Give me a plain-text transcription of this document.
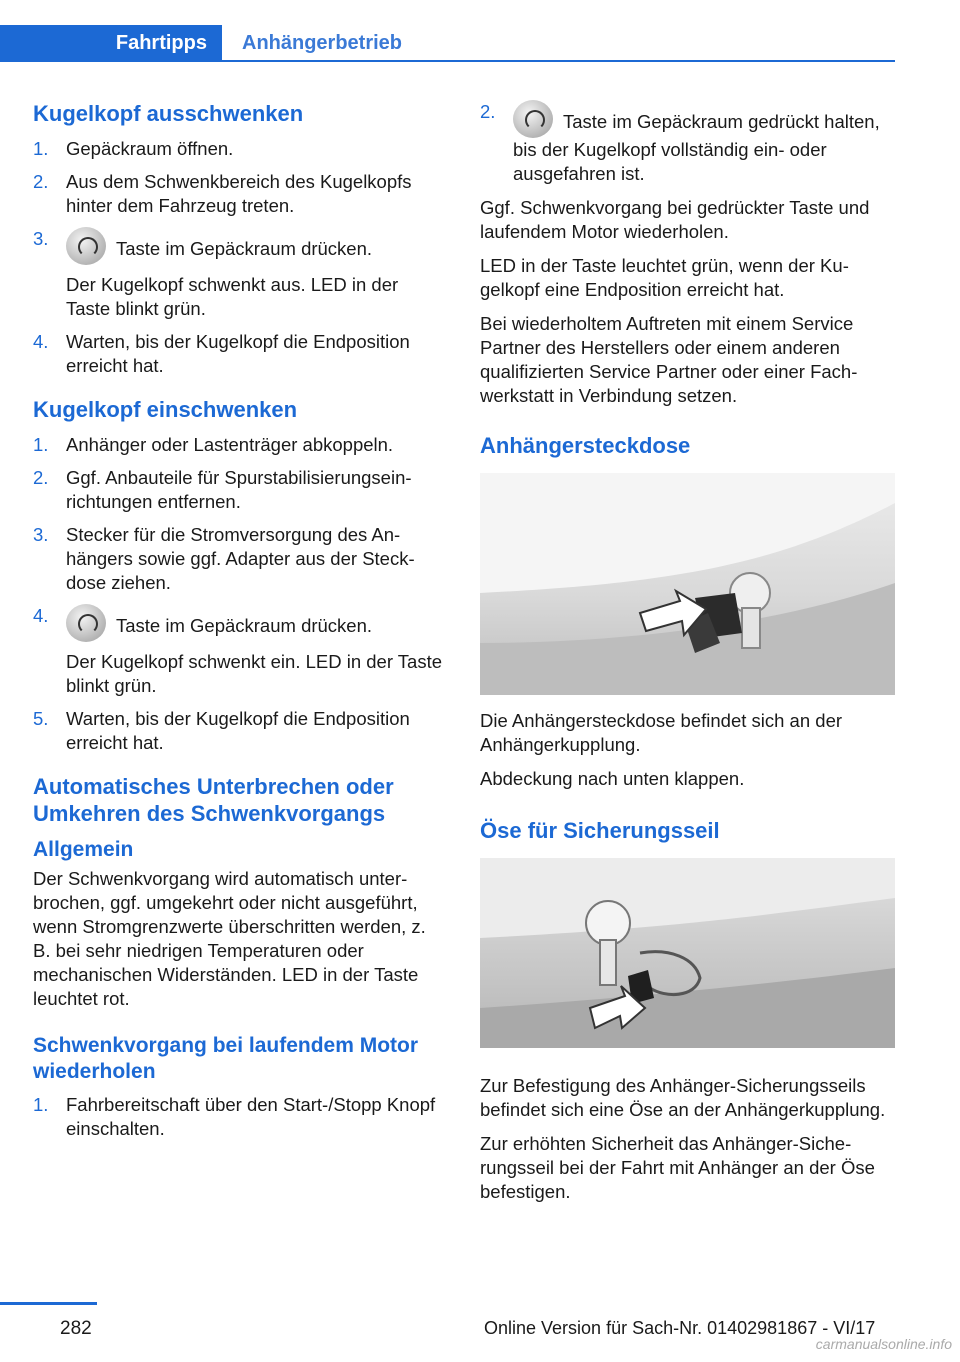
Fahrtipps	Anhängerbetrieb
Kugelkopf ausschwenken
1. Gepäckraum öffnen.
2. Aus dem Schwenkbereich des Kugelkopfs hinter dem Fahrzeug treten.
3.	Taste im Gepäckraum drücken.
Der Kugelkopf schwenkt aus. LED in der Taste blinkt grün.
4. Warten, bis der Kugelkopf die Endposition erreicht hat.
Kugelkopf einschwenken
1. Anhänger oder Lastenträger abkoppeln.
2. Ggf. Anbauteile für Spurstabilisierungseinrichtungen entfernen.
3. Stecker für die Stromversorgung des Anhängers sowie ggf. Adapter aus der Steckdose ziehen.
4.	Taste im Gepäckraum drücken.
Der Kugelkopf schwenkt ein. LED in der Taste blinkt grün.
5. Warten, bis der Kugelkopf die Endposition erreicht hat.
Automatisches Unterbrechen oder Umkehren des Schwenkvorgangs
Allgemein

Der Schwenkvorgang wird automatisch unterbrochen, ggf. umgekehrt oder nicht ausgeführt, wenn Stromgrenzwerte überschritten werden, z. B. bei sehr niedrigen Temperaturen oder mechanischen Widerständen. LED in der Taste leuchtet rot.

Schwenkvorgang bei laufendem Motor wiederholen
1. Fahrbereitschaft über den Start-/Stopp Knopf einschalten.
2.	Taste im Gepäckraum gedrückt halten, bis der Kugelkopf vollständig ein- oder ausgefahren ist.

Ggf. Schwenkvorgang bei gedrückter Taste und laufendem Motor wiederholen.

LED in der Taste leuchtet grün, wenn der Kugelkopf eine Endposition erreicht hat.

Bei wiederholtem Auftreten mit einem Service Partner des Herstellers oder einem anderen qualifizierten Service Partner oder einer Fachwerkstatt in Verbindung setzen.

Anhängersteckdose

Die Anhängersteckdose befindet sich an der Anhängerkupplung.

Abdeckung nach unten klappen.

Öse für Sicherungsseil

Zur Befestigung des Anhänger-Sicherungsseils befindet sich eine Öse an der Anhängerkupplung.

Zur erhöhten Sicherheit das Anhänger-Sicherungsseil bei der Fahrt mit Anhänger an der Öse befestigen.

282	Online Version für Sach-Nr. 01402981867 - VI/17
carmanualsonline.info
